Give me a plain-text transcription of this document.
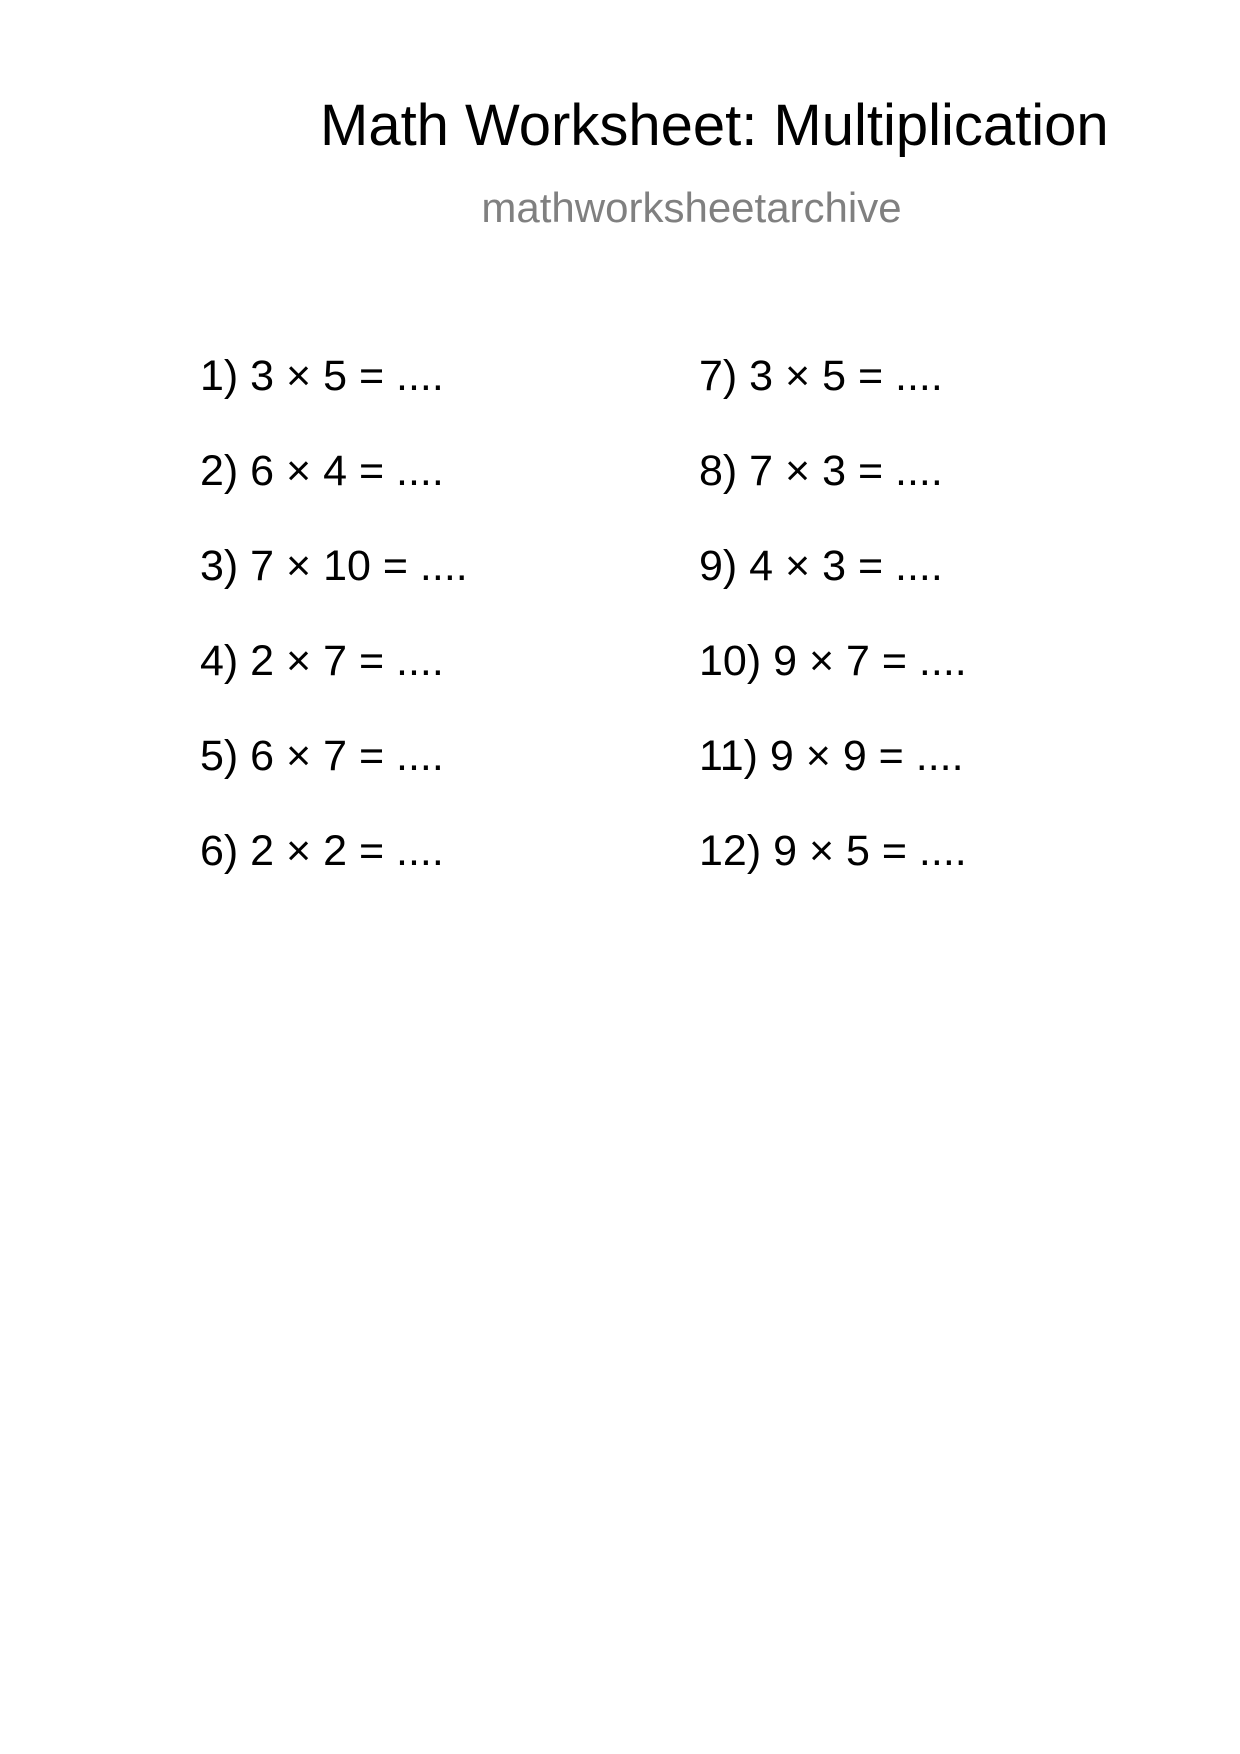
Math Worksheet: Multiplication
mathworksheetarchive
1) 3 × 5 = ....
2) 6 × 4 = ....
3) 7 × 10 = ....
4) 2 × 7 = ....
5) 6 × 7 = ....
6) 2 × 2 = ....
7) 3 × 5 = ....
8) 7 × 3 = ....
9) 4 × 3 = ....
10) 9 × 7 = ....
11) 9 × 9 = ....
12) 9 × 5 = ....
